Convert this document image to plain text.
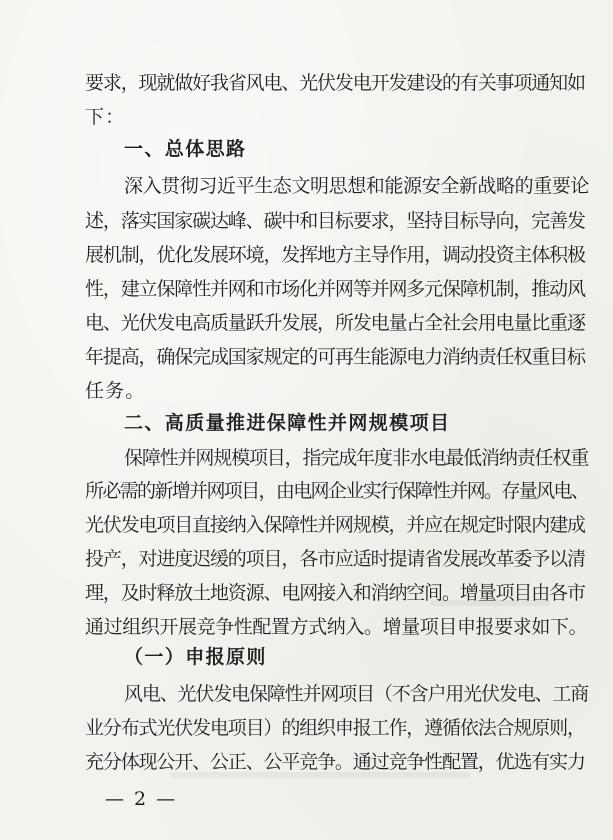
要求，现就做好我省风电、光伏发电开发建设的有关事项通知如
下：
一、总体思路
深入贯彻习近平生态文明思想和能源安全新战略的重要论
述，落实国家碳达峰、碳中和目标要求，坚持目标导向，完善发
展机制，优化发展环境，发挥地方主导作用，调动投资主体积极
性，建立保障性并网和市场化并网等并网多元保障机制，推动风
电、光伏发电高质量跃升发展，所发电量占全社会用电量比重逐
年提高，确保完成国家规定的可再生能源电力消纳责任权重目标
任务。
二、高质量推进保障性并网规模项目
保障性并网规模项目，指完成年度非水电最低消纳责任权重
所必需的新增并网项目，由电网企业实行保障性并网。存量风电、
光伏发电项目直接纳入保障性并网规模，并应在规定时限内建成
投产，对进度迟缓的项目，各市应适时提请省发展改革委予以清
理，及时释放土地资源、电网接入和消纳空间。增量项目由各市
通过组织开展竞争性配置方式纳入。增量项目申报要求如下。
（一）申报原则
风电、光伏发电保障性并网项目（不含户用光伏发电、工商
业分布式光伏发电项目）的组织申报工作，遵循依法合规原则，
充分体现公开、公正、公平竞争。通过竞争性配置，优选有实力
— 2 —
